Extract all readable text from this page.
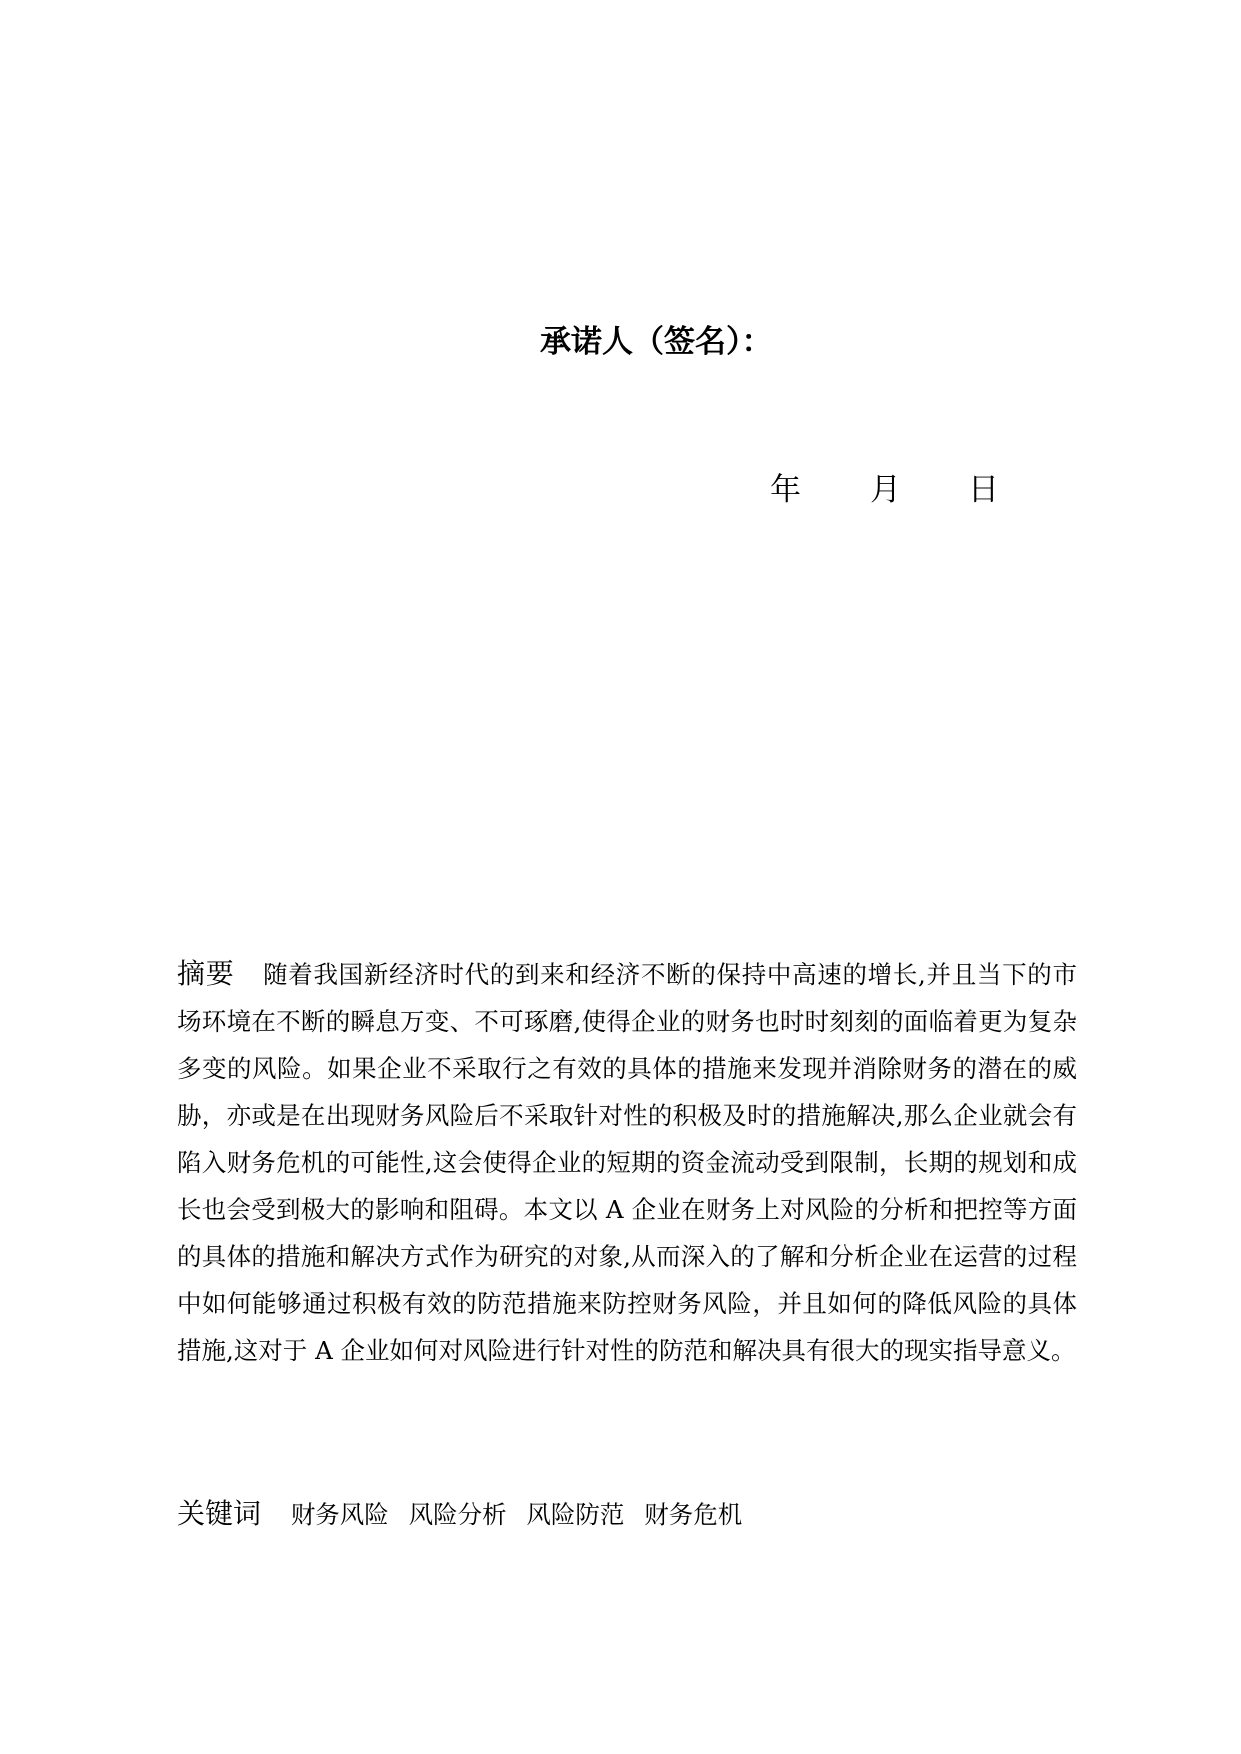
承诺人（签名）：
年 月 日
摘要 随着我国新经济时代的到来和经济不断的保持中高速的增长,并且当下的市场环境在不断的瞬息万变、不可琢磨,使得企业的财务也时时刻刻的面临着更为复杂多变的风险。如果企业不采取行之有效的具体的措施来发现并消除财务的潜在的威胁，亦或是在出现财务风险后不采取针对性的积极及时的措施解决,那么企业就会有陷入财务危机的可能性,这会使得企业的短期的资金流动受到限制，长期的规划和成长也会受到极大的影响和阻碍。本文以 A 企业在财务上对风险的分析和把控等方面的具体的措施和解决方式作为研究的对象,从而深入的了解和分析企业在运营的过程中如何能够通过积极有效的防范措施来防控财务风险，并且如何的降低风险的具体措施,这对于 A 企业如何对风险进行针对性的防范和解决具有很大的现实指导意义。
关键词 财务风险 风险分析 风险防范 财务危机
